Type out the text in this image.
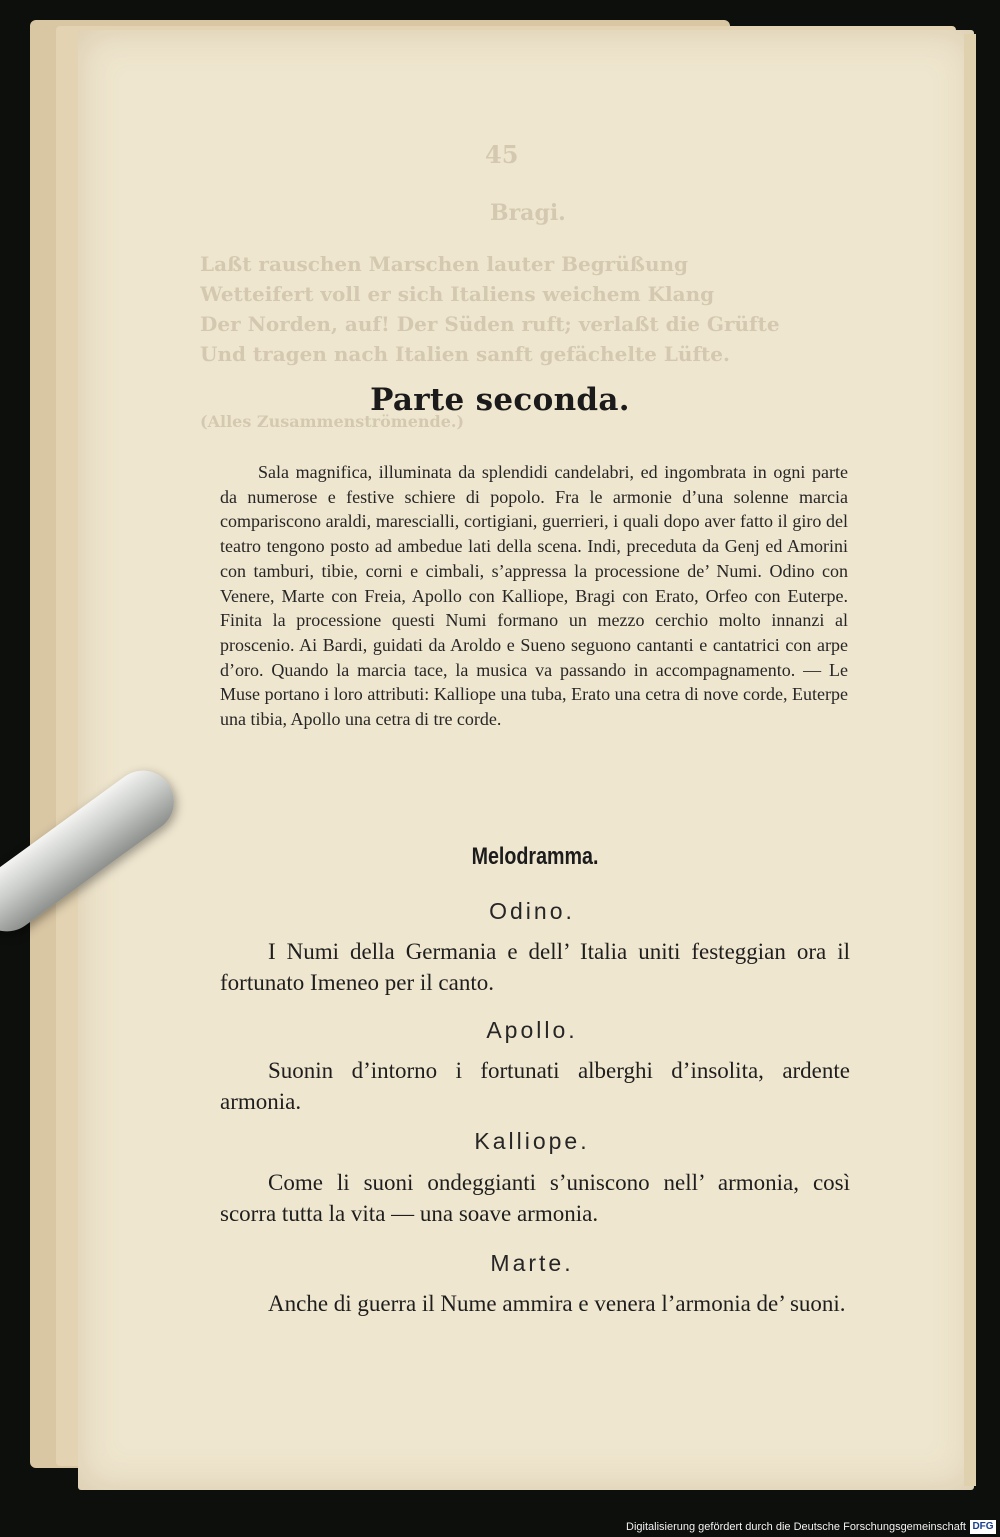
45
Bragi.
Laßt rauschen Marschen lauter Begrüßung
Wetteifert voll er sich Italiens weichem Klang
Der Norden, auf! Der Süden ruft; verlaßt die Grüfte
Und tragen nach Italien sanft gefächelte Lüfte.
(Alles Zusammenströmende.)
Parte seconda.

Sala magnifica, illuminata da splendidi candelabri, ed ingombrata in ogni parte da numerose e festive schiere di popolo. Fra le armonie d’una solenne marcia compariscono araldi, marescialli, cortigiani, guerrieri, i quali dopo aver fatto il giro del teatro tengono posto ad ambedue lati della scena. Indi, preceduta da Genj ed Amorini con tamburi, tibie, corni e cimbali, s’appressa la processione de’ Numi. Odino con Venere, Marte con Freia, Apollo con Kalliope, Bragi con Erato, Orfeo con Euterpe. Finita la processione questi Numi formano un mezzo cerchio molto innanzi al proscenio. Ai Bardi, guidati da Aroldo e Sueno seguono cantanti e cantatrici con arpe d’oro. Quando la marcia tace, la musica va passando in accompagnamento. — Le Muse portano i loro attributi: Kalliope una tuba, Erato una cetra di nove corde, Euterpe una tibia, Apollo una cetra di tre corde.

Melodramma.
Odino.

I Numi della Germania e dell’ Italia uniti festeggian ora il fortunato Imeneo per il canto.

Apollo.

Suonin d’intorno i fortunati alberghi d’insolita, ardente armonia.

Kalliope.

Come li suoni ondeggianti s’uniscono nell’ armonia, così scorra tutta la vita — una soave armonia.

Marte.

Anche di guerra il Nume ammira e venera l’armonia de’ suoni.

Digitalisierung gefördert durch die Deutsche Forschungsgemeinschaft DFG
